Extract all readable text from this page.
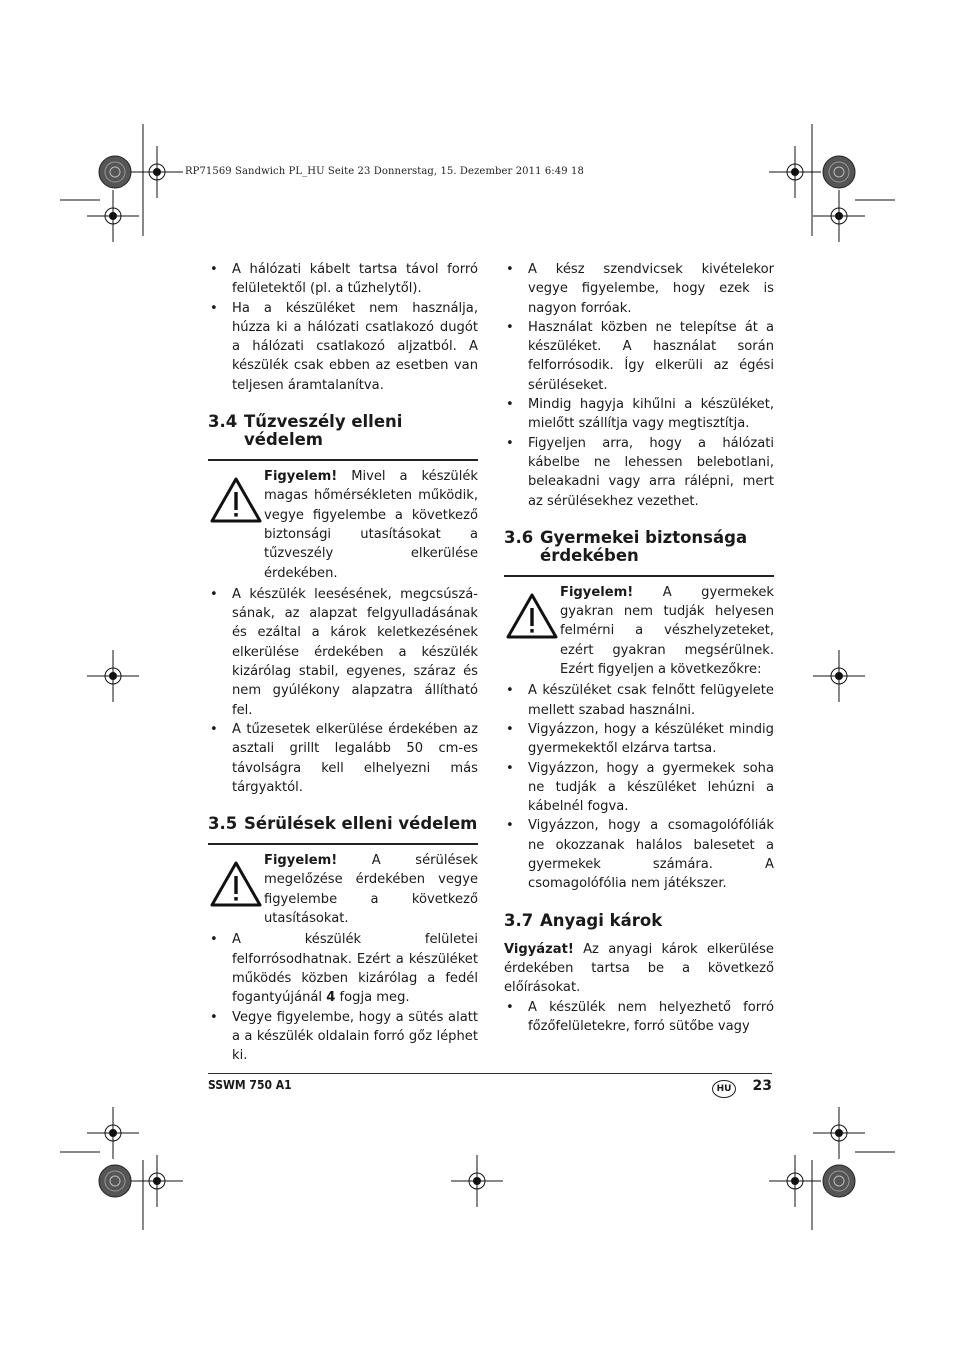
RP71569 Sandwich PL_HU Seite 23 Donnerstag, 15. Dezember 2011 6:49 18
• A hálózati kábelt tartsa távol forró felületektől (pl. a tűzhelytől).
• Ha a készüléket nem használja, húzza ki a hálózati csatlakozó dugót a hálózati csatlakozó aljzatból. A készülék csak ebben az esetben van teljesen áramtalanítva.
3.4 Tűzveszély elleni
védelem
Figyelem! Mivel a készülék magas hőmérsékleten működik, vegye figyelembe a következő biztonsági utasításokat a tűzveszély elkerülése érdekében.
• A készülék leesésének, megcsúszá-sának, az alapzat felgyulladásának és ezáltal a károk keletkezésének elkerülése érdekében a készülék kizárólag stabil, egyenes, száraz és nem gyúlékony alapzatra állítható fel.
• A tűzesetek elkerülése érdekében az asztali grillt legalább 50 cm-es távolságra kell elhelyezni más tárgyaktól.
3.5 Sérülések elleni védelem
Figyelem! A sérülések megelőzése érdekében vegye figyelembe a következő utasításokat.
• A készülék felületei felforrósodhatnak. Ezért a készüléket működés közben kizárólag a fedél fogantyújánál 4 fogja meg.
• Vegye figyelembe, hogy a sütés alatt a a készülék oldalain forró gőz léphet ki.
• A kész szendvicsek kivételekor vegye figyelembe, hogy ezek is nagyon forróak.
• Használat közben ne telepítse át a készüléket. A használat során felforrósodik. Így elkerüli az égési sérüléseket.
• Mindig hagyja kihűlni a készüléket, mielőtt szállítja vagy megtisztítja.
• Figyeljen arra, hogy a hálózati kábelbe ne lehessen belebotlani, beleakadni vagy arra rálépni, mert az sérülésekhez vezethet.
3.6 Gyermekei biztonsága
érdekében
Figyelem! A gyermekek gyakran nem tudják helyesen felmérni a vészhelyzeteket, ezért gyakran megsérülnek. Ezért figyeljen a következőkre:
• A készüléket csak felnőtt felügyelete mellett szabad használni.
• Vigyázzon, hogy a készüléket mindig gyermekektől elzárva tartsa.
• Vigyázzon, hogy a gyermekek soha ne tudják a készüléket lehúzni a kábelnél fogva.
• Vigyázzon, hogy a csomagolófóliák ne okozzanak halálos balesetet a gyermekek számára. A csomagolófólia nem játékszer.
3.7 Anyagi károk
Vigyázat! Az anyagi károk elkerülése érdekében tartsa be a következő előírásokat.
• A készülék nem helyezhető forró főzőfelületekre, forró sütőbe vagy
SSWM 750 A1	HU	23
